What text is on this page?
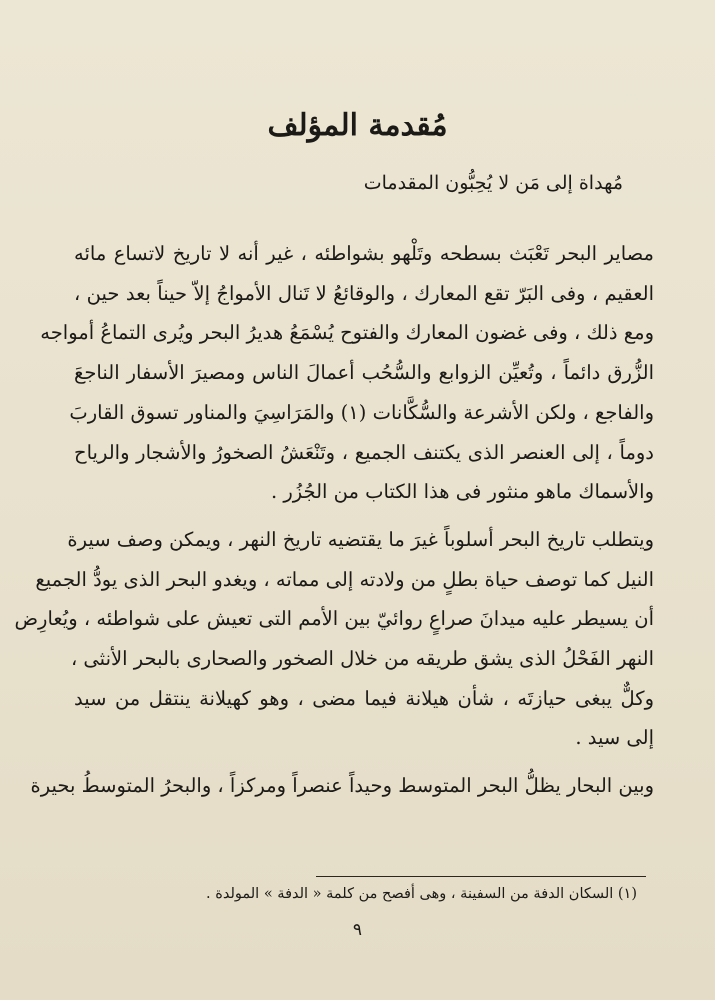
مُقدمة المؤلف
مُهداة إلى مَن لا يُحِبُّون المقدمات

مصاير البحر تَعْبَث بسطحه وتَلْهو بشواطئه ، غير أنه لا تاريخ لاتساع مائه
العقيم ، وفى البَرّ تقع المعارك ، والوقائعُ لا تَنال الأمواجُ إلاّ حيناً بعد حين ،
ومع ذلك ، وفى غضون المعارك والفتوح يُسْمَعُ هديرُ البحر ويُرى التماعُ أمواجه
الزُّرق دائماً ، وتُعيِّن الزوابع والسُّحُب أعمالَ الناس ومصيرَ الأسفار الناجعَ
والفاجع ، ولكن الأشرعة والسُّكَّانات (١) والمَرَاسِيَ والمناور تسوق القاربَ
دوماً ، إلى العنصر الذى يكتنف الجميع ، وتَنْعَشُ الصخورُ والأشجار والرياح
والأسماك ماهو منثور فى هذا الكتاب من الجُزُر .

ويتطلب تاريخ البحر أسلوباً غيرَ ما يقتضيه تاريخ النهر ، ويمكن وصف سيرة
النيل كما توصف حياة بطلٍ من ولادته إلى مماته ، ويغدو البحر الذى يودُّ الجميع
أن يسيطر عليه ميدانَ صراعٍ روائيّ بين الأمم التى تعيش على شواطئه ، ويُعارِض
النهر الفَحْلُ الذى يشق طريقه من خلال الصخور والصحارى بالبحر الأنثى ،
وكلٌّ يبغى حيازتَه ، شأن هيلانة فيما مضى ، وهو كهيلانة ينتقل من سيد
إلى سيد .

وبين البحار يظلُّ البحر المتوسط وحيداً عنصراً ومركزاً ، والبحرُ المتوسطُ بحيرة

(١) السكان الدفة من السفينة ، وهى أفصح من كلمة « الدفة » المولدة .
٩
